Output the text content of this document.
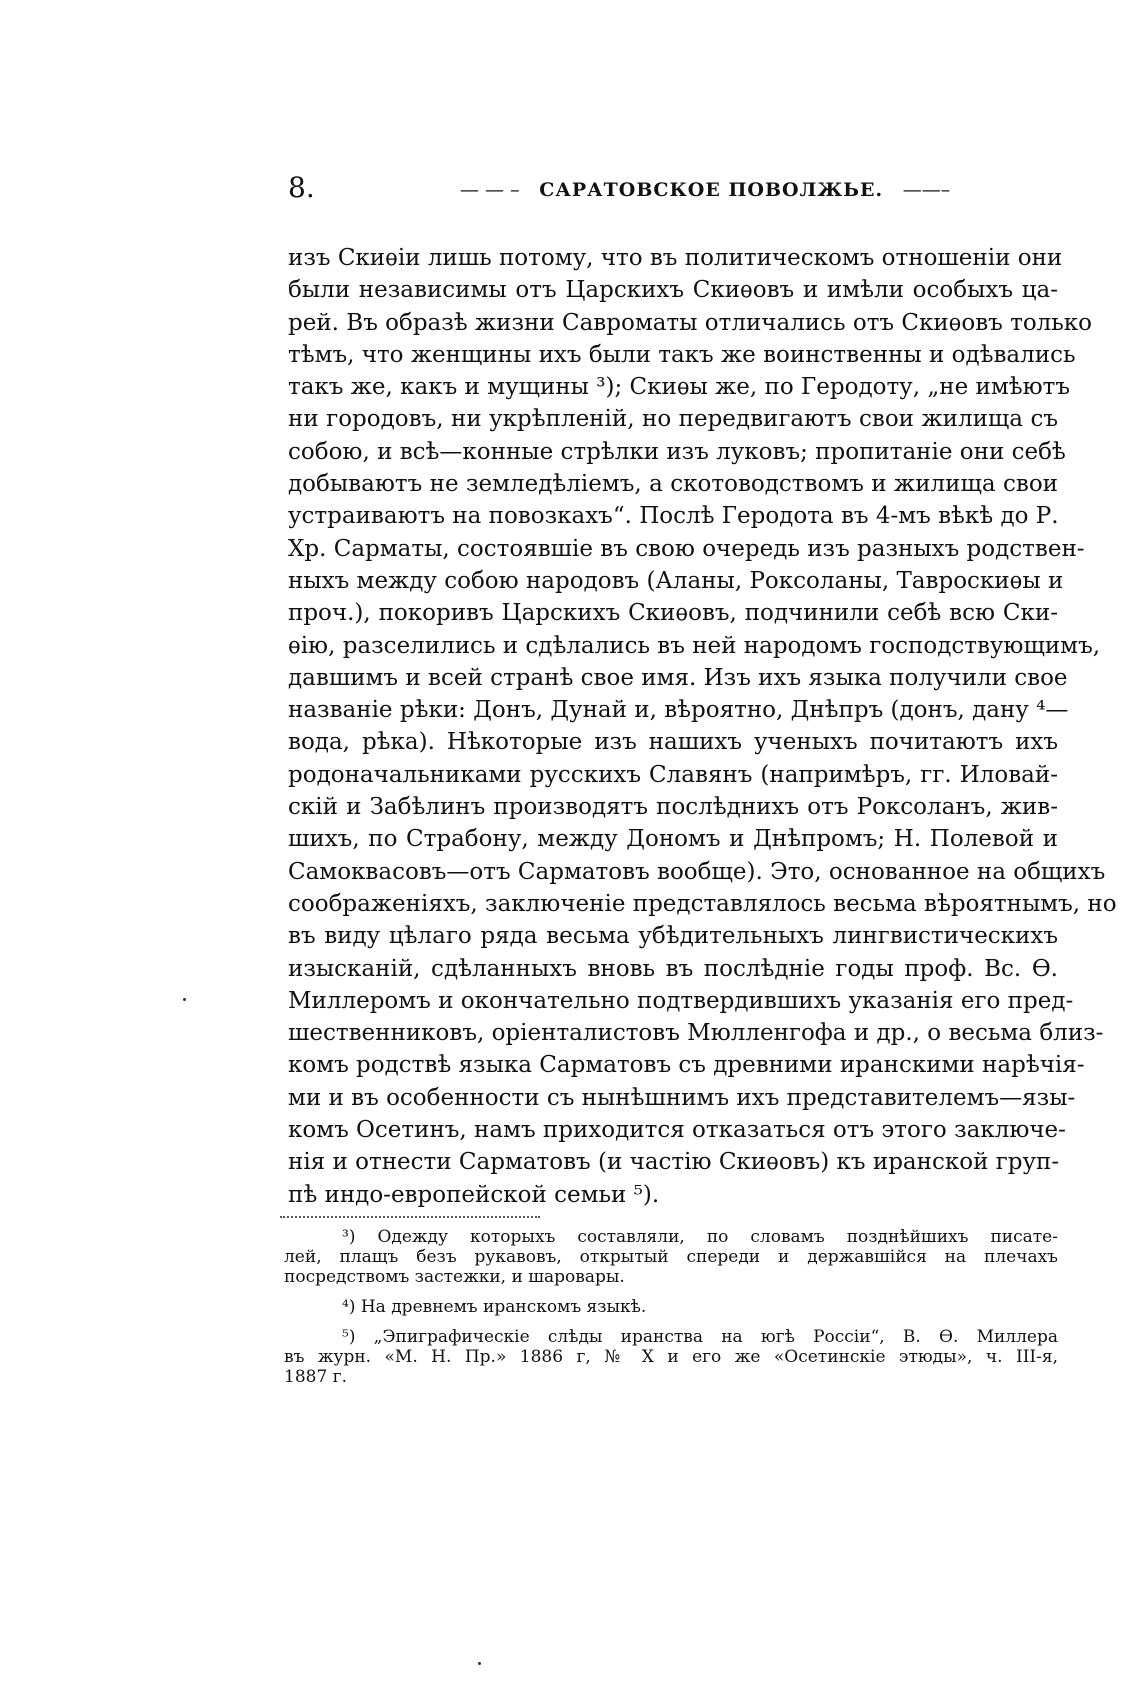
8.	— — –   САРАТОВСКОЕ ПОВОЛЖЬЕ.   ——–
изъ Скиѳіи лишь потому, что въ политическомъ отношеніи они
были независимы отъ Царскихъ Скиѳовъ и имѣли особыхъ ца-
рей. Въ образѣ жизни Савроматы отличались отъ Скиѳовъ только
тѣмъ, что женщины ихъ были такъ же воинственны и одѣвались
такъ же, какъ и мущины ³); Скиѳы же, по Геродоту, „не имѣютъ
ни городовъ, ни укрѣпленій, но передвигаютъ свои жилища съ
собою, и всѣ—конные стрѣлки изъ луковъ; пропитаніе они себѣ
добываютъ не земледѣліемъ, а скотоводствомъ и жилища свои
устраиваютъ на повозкахъ“. Послѣ Геродота въ 4-мъ вѣкѣ до Р.
Хр. Сарматы, состоявшіе въ свою очередь изъ разныхъ родствен-
ныхъ между собою народовъ (Аланы, Роксоланы, Тавроскиѳы и
проч.), покоривъ Царскихъ Скиѳовъ, подчинили себѣ всю Ски-
ѳію, разселились и сдѣлались въ ней народомъ господствующимъ,
давшимъ и всей странѣ свое имя. Изъ ихъ языка получили свое
названіе рѣки: Донъ, Дунай и, вѣроятно, Днѣпръ (донъ, дану ⁴—
вода, рѣка). Нѣкоторые изъ нашихъ ученыхъ почитаютъ ихъ
родоначальниками русскихъ Славянъ (напримѣръ, гг. Иловай-
скій и Забѣлинъ производятъ послѣднихъ отъ Роксоланъ, жив-
шихъ, по Страбону, между Дономъ и Днѣпромъ; Н. Полевой и
Самоквасовъ—отъ Сарматовъ вообще). Это, основанное на общихъ
соображеніяхъ, заключеніе представлялось весьма вѣроятнымъ, но
въ виду цѣлаго ряда весьма убѣдительныхъ лингвистическихъ
изысканій, сдѣланныхъ вновь въ послѣдніе годы проф. Вс. Ѳ.
Миллеромъ и окончательно подтвердившихъ указанія его пред-
шественниковъ, оріенталистовъ Мюлленгофа и др., о весьма близ-
комъ родствѣ языка Сарматовъ съ древними иранскими нарѣчія-
ми и въ особенности съ нынѣшнимъ ихъ представителемъ—язы-
комъ Осетинъ, намъ приходится отказаться отъ этого заключе-
нія и отнести Сарматовъ (и частію Скиѳовъ) къ иранской груп-
пѣ индо-европейской семьи ⁵).
³) Одежду которыхъ составляли, по словамъ позднѣйшихъ писате-
лей, плащъ безъ рукавовъ, открытый спереди и державшійся на плечахъ
посредствомъ застежки, и шаровары.
⁴) На древнемъ иранскомъ языкѣ.
⁵) „Эпиграфическіе слѣды иранства на югѣ Россіи“, В. Ѳ. Миллера
въ журн. «М. Н. Пр.» 1886 г, № X и его же «Осетинскіе этюды», ч. III-я,
1887 г.
